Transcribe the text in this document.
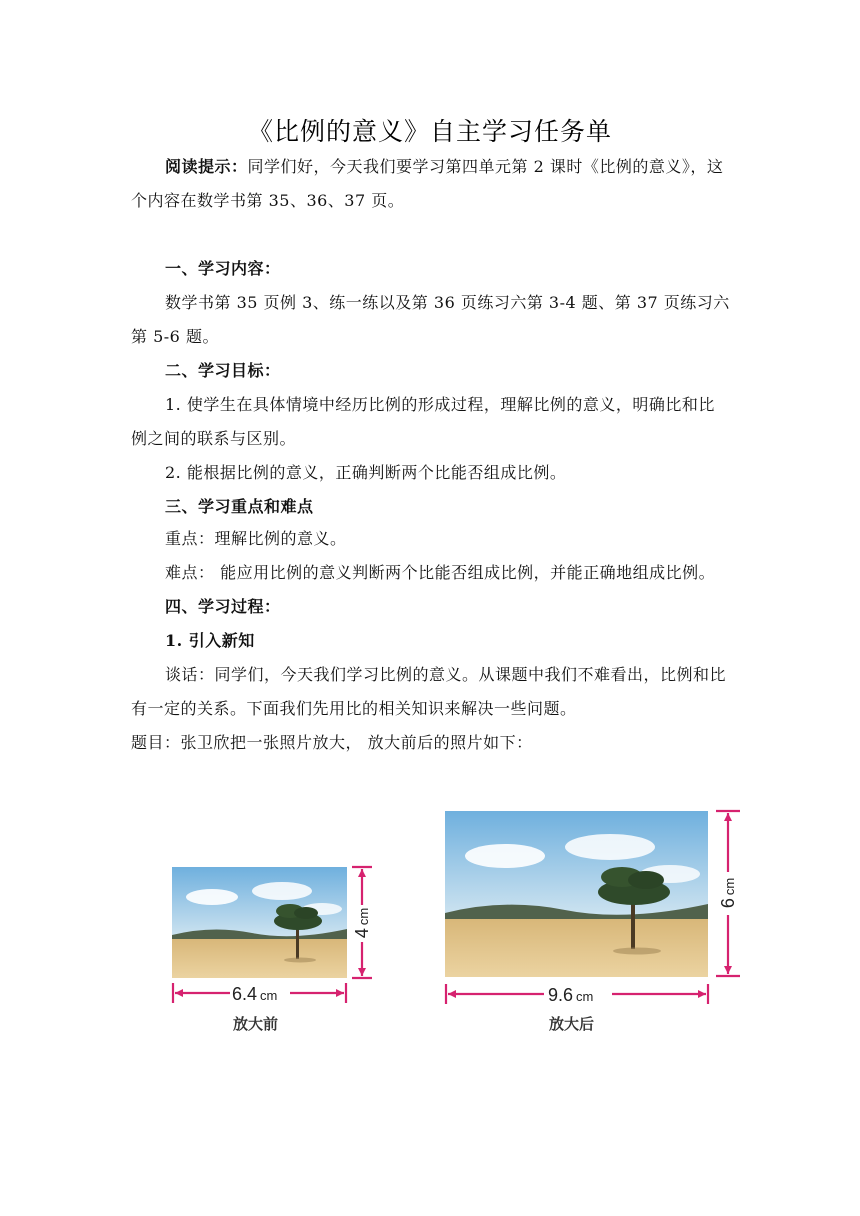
《比例的意义》自主学习任务单
阅读提示：同学们好，今天我们要学习第四单元第 2 课时《比例的意义》，这个内容在数学书第 35、36、37 页。
一、学习内容：
数学书第 35 页例 3、练一练以及第 36 页练习六第 3-4 题、第 37 页练习六第 5-6 题。
二、学习目标：
1. 使学生在具体情境中经历比例的形成过程，理解比例的意义，明确比和比例之间的联系与区别。
2. 能根据比例的意义，正确判断两个比能否组成比例。
三、学习重点和难点
重点：理解比例的意义。
难点： 能应用比例的意义判断两个比能否组成比例，并能正确地组成比例。
四、学习过程：
1. 引入新知
谈话：同学们，今天我们学习比例的意义。从课题中我们不难看出，比例和比有一定的关系。下面我们先用比的相关知识来解决一些问题。
题目：张卫欣把一张照片放大， 放大前后的照片如下：
6.4 cm
4cm
9.6 cm
6cm
放大前	放大后
